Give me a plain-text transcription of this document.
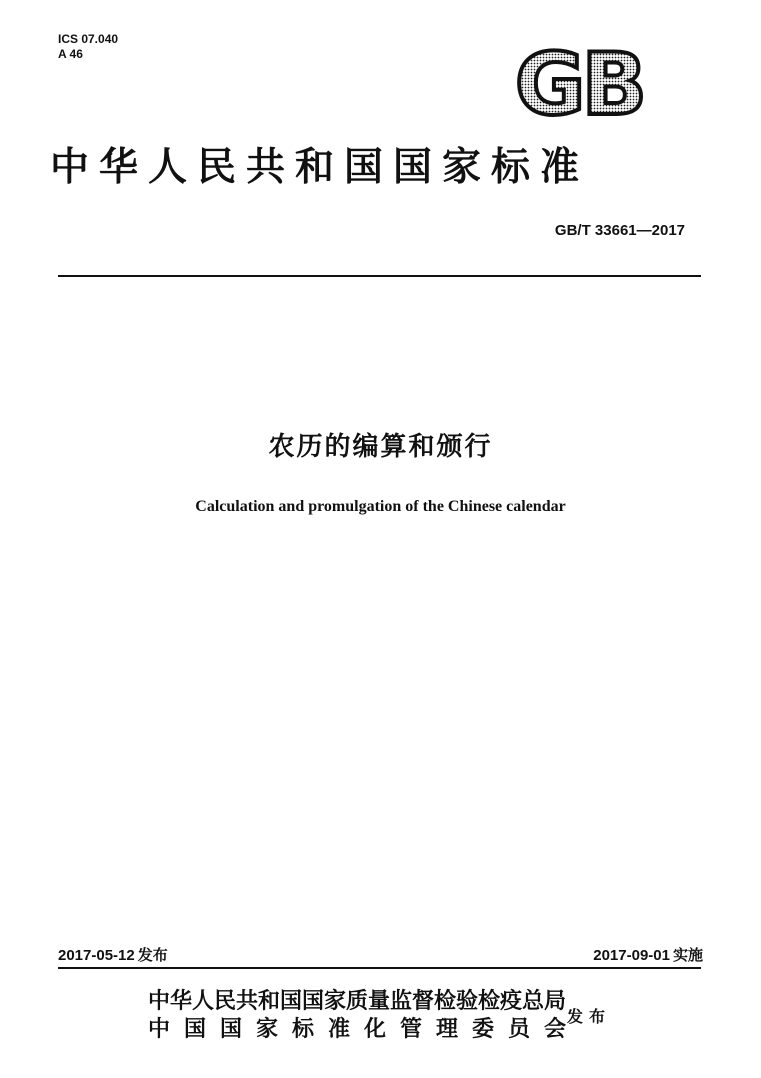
ICS 07.040
A 46	GB
中华人民共和国国家标准
GB/T 33661—2017
农历的编算和颁行
Calculation and promulgation of the Chinese calendar
2017-05-12 发布	2017-09-01 实施
中华人民共和国国家质量监督检验检疫总局
中国国家标准化管理委员会
发布
